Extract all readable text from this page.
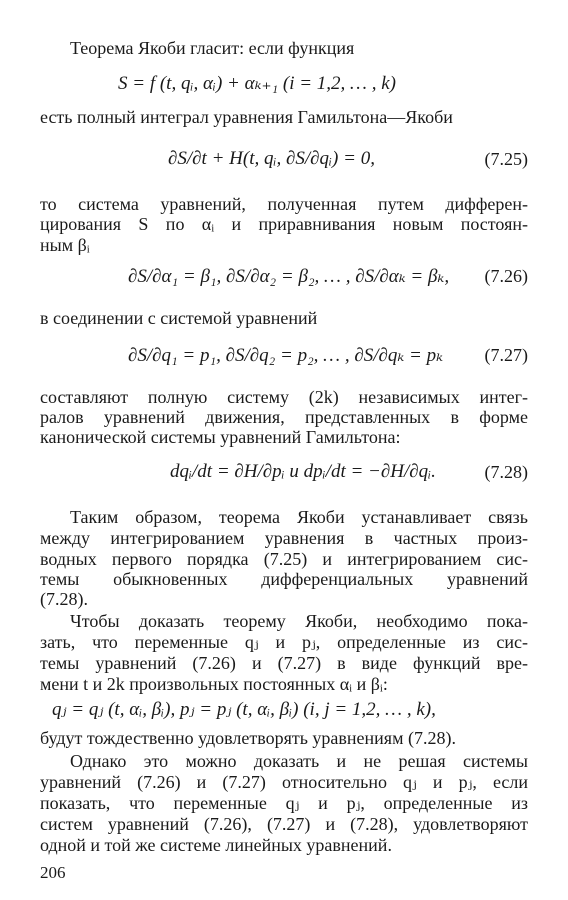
Теорема Якоби гласит: если функция
S = f (t, qᵢ, αᵢ) + αₖ₊₁ (i = 1,2, … , k)
есть полный интеграл уравнения Гамильтона—Якоби
∂S/∂t + H(t, qᵢ, ∂S/∂qᵢ) = 0,	(7.25)
то система уравнений, полученная путем дифферен-
цирования S по αᵢ и приравнивания новым постоян-
ным βᵢ
∂S/∂α₁ = β₁, ∂S/∂α₂ = β₂, … , ∂S/∂αₖ = βₖ, (7.26)
в соединении с системой уравнений
∂S/∂q₁ = p₁, ∂S/∂q₂ = p₂, … , ∂S/∂qₖ = pₖ (7.27)
составляют полную систему (2k) независимых интег-
ралов уравнений движения, представленных в форме
канонической системы уравнений Гамильтона:
dqᵢ/dt = ∂H/∂pᵢ и dpᵢ/dt = −∂H/∂qᵢ.	(7.28)
Таким образом, теорема Якоби устанавливает связь
между интегрированием уравнения в частных произ-
водных первого порядка (7.25) и интегрированием сис-
темы обыкновенных дифференциальных уравнений
(7.28).
Чтобы доказать теорему Якоби, необходимо пока-
зать, что переменные qⱼ и pⱼ, определенные из сис-
темы уравнений (7.26) и (7.27) в виде функций вре-
мени t и 2k произвольных постоянных αᵢ и βᵢ:
qⱼ = qⱼ (t, αᵢ, βᵢ), pⱼ = pⱼ (t, αᵢ, βᵢ) (i, j = 1,2, … , k),
будут тождественно удовлетворять уравнениям (7.28).
Однако это можно доказать и не решая системы
уравнений (7.26) и (7.27) относительно qⱼ и pⱼ, если
показать, что переменные qⱼ и pⱼ, определенные из
систем уравнений (7.26), (7.27) и (7.28), удовлетворяют
одной и той же системе линейных уравнений.
206
